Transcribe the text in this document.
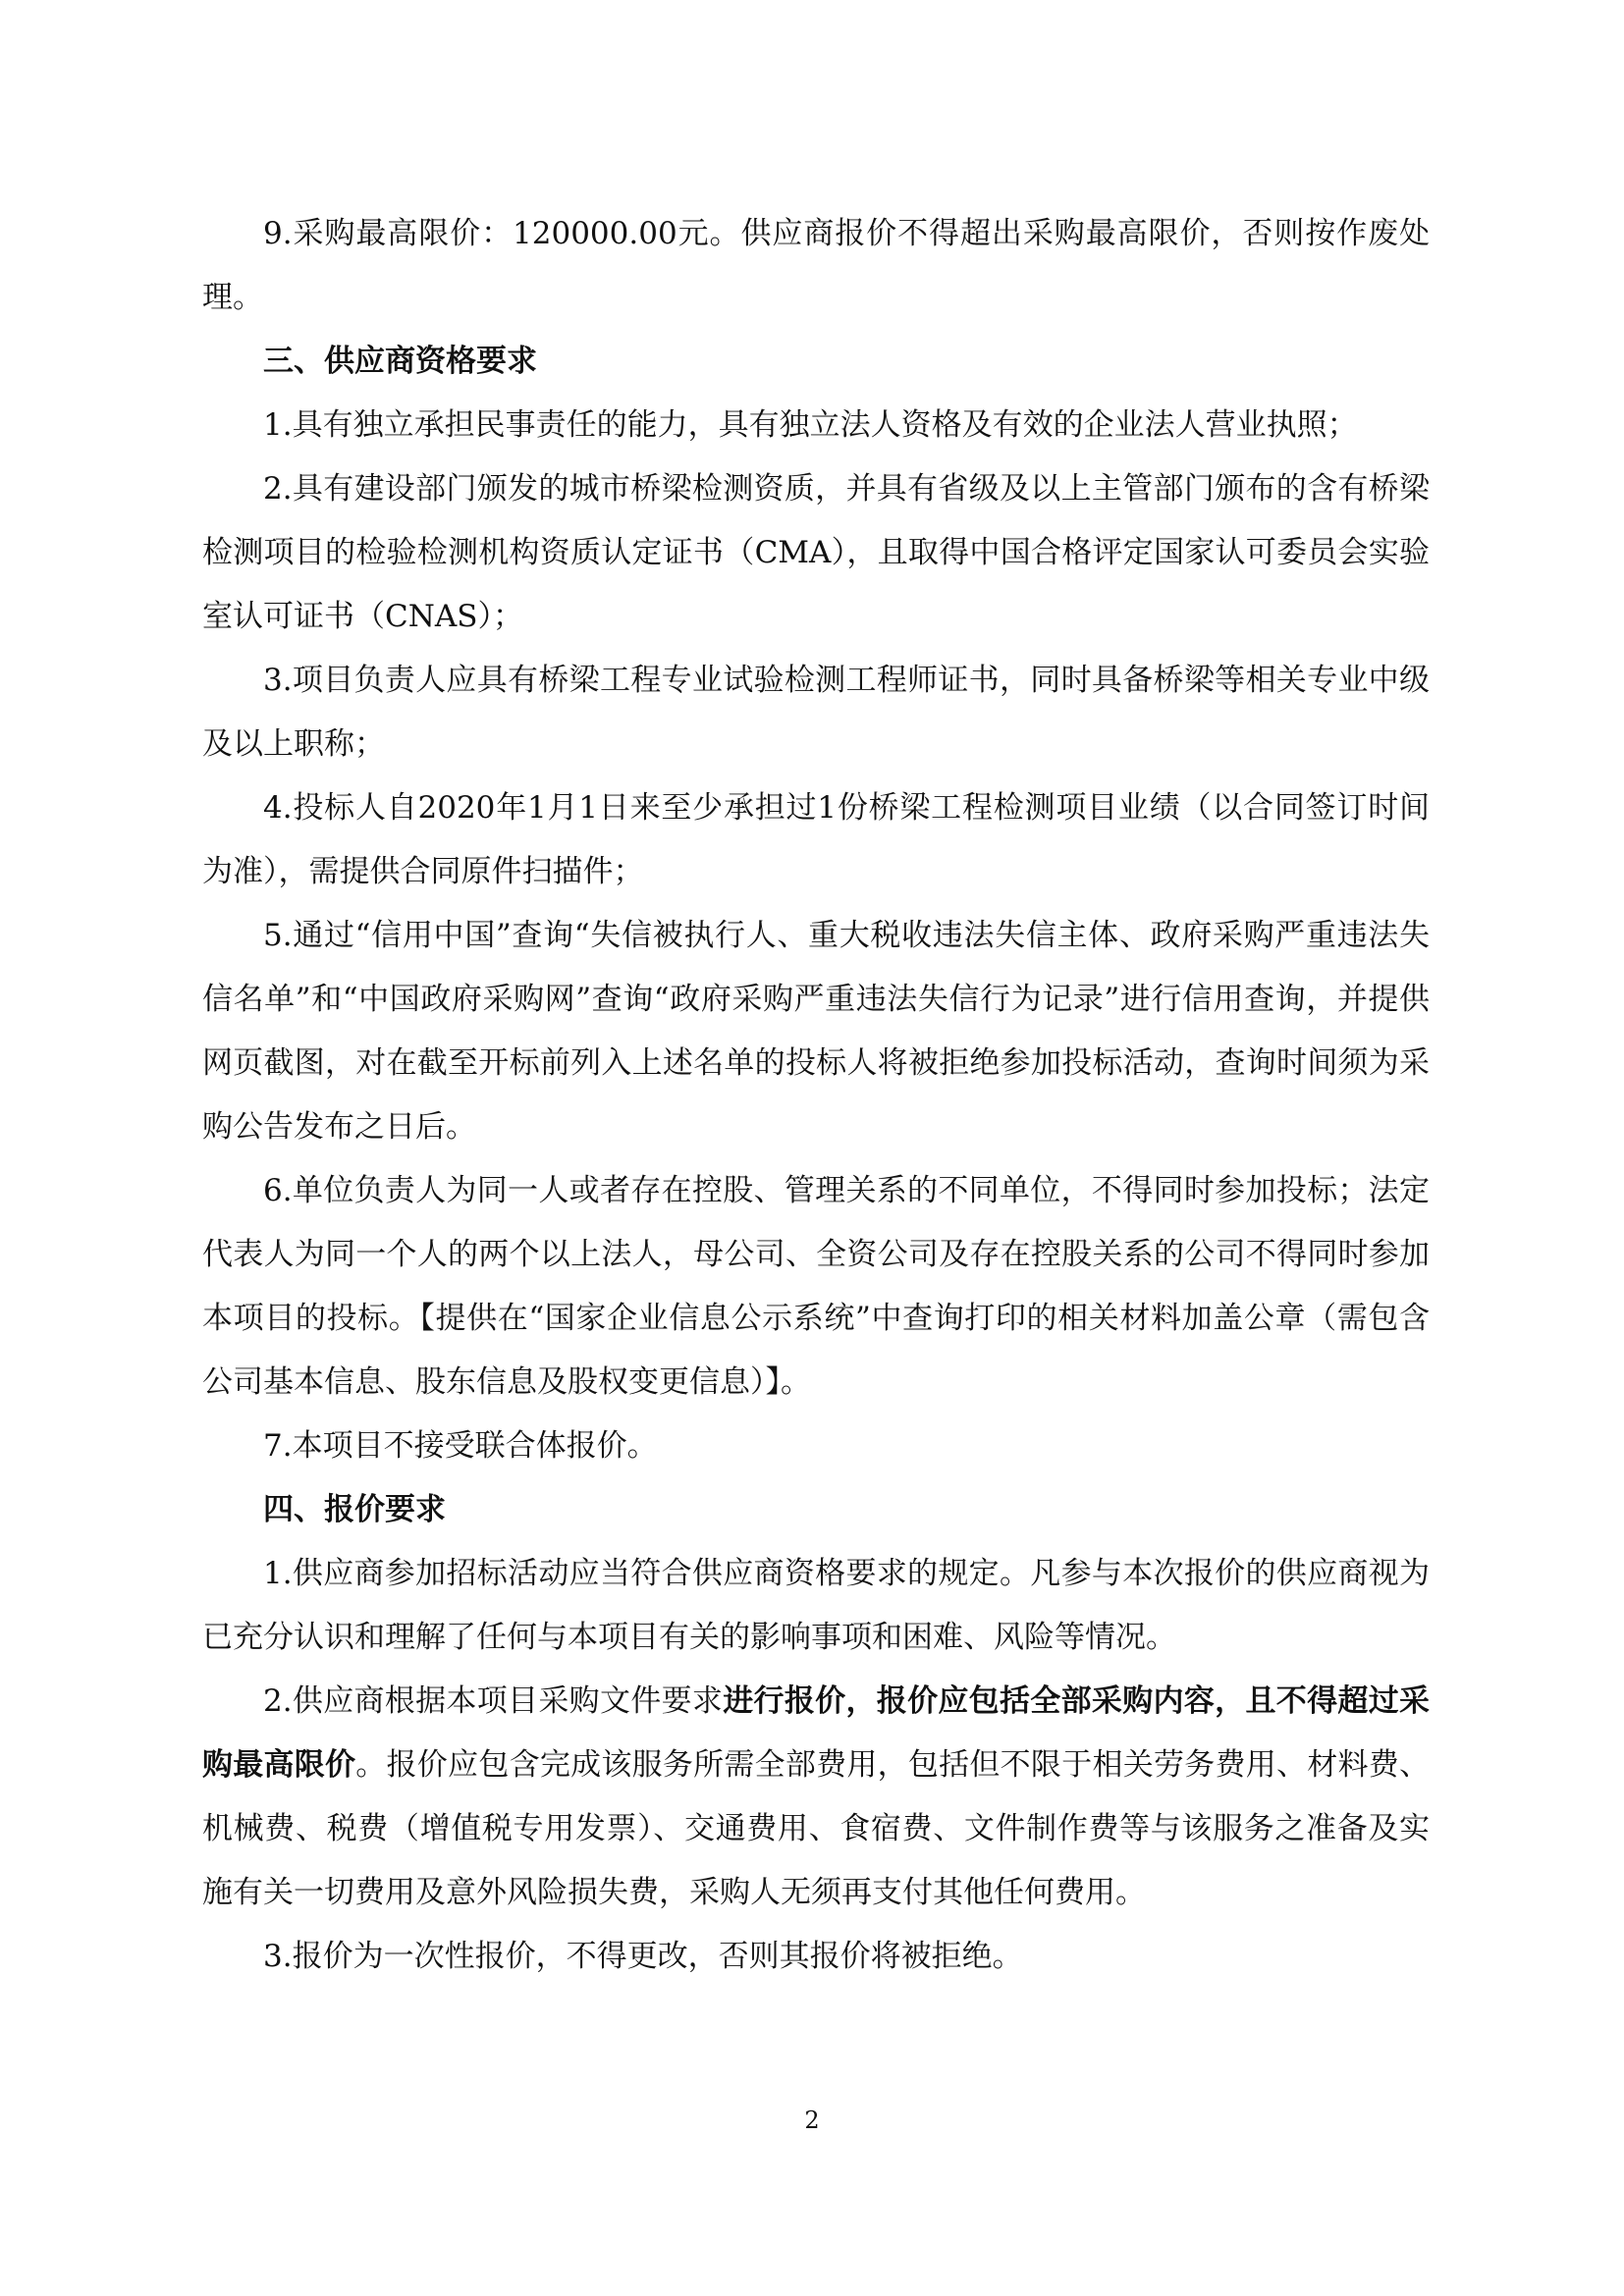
9.采购最高限价：120000.00元。供应商报价不得超出采购最高限价，否则按作废处理。

三、供应商资格要求

1.具有独立承担民事责任的能力，具有独立法人资格及有效的企业法人营业执照；

2.具有建设部门颁发的城市桥梁检测资质，并具有省级及以上主管部门颁布的含有桥梁检测项目的检验检测机构资质认定证书（CMA），且取得中国合格评定国家认可委员会实验室认可证书（CNAS）；

3.项目负责人应具有桥梁工程专业试验检测工程师证书，同时具备桥梁等相关专业中级及以上职称；

4.投标人自2020年1月1日来至少承担过1份桥梁工程检测项目业绩（以合同签订时间为准），需提供合同原件扫描件；

5.通过“信用中国”查询“失信被执行人、重大税收违法失信主体、政府采购严重违法失信名单”和“中国政府采购网”查询“政府采购严重违法失信行为记录”进行信用查询，并提供网页截图，对在截至开标前列入上述名单的投标人将被拒绝参加投标活动，查询时间须为采购公告发布之日后。

6.单位负责人为同一人或者存在控股、管理关系的不同单位，不得同时参加投标；法定代表人为同一个人的两个以上法人，母公司、全资公司及存在控股关系的公司不得同时参加本项目的投标。【提供在“国家企业信息公示系统”中查询打印的相关材料加盖公章（需包含公司基本信息、股东信息及股权变更信息）】。

7.本项目不接受联合体报价。

四、报价要求

1.供应商参加招标活动应当符合供应商资格要求的规定。凡参与本次报价的供应商视为已充分认识和理解了任何与本项目有关的影响事项和困难、风险等情况。

2.供应商根据本项目采购文件要求进行报价，报价应包括全部采购内容，且不得超过采购最高限价。报价应包含完成该服务所需全部费用，包括但不限于相关劳务费用、材料费、机械费、税费（增值税专用发票）、交通费用、食宿费、文件制作费等与该服务之准备及实施有关一切费用及意外风险损失费，采购人无须再支付其他任何费用。

3.报价为一次性报价，不得更改，否则其报价将被拒绝。

2
